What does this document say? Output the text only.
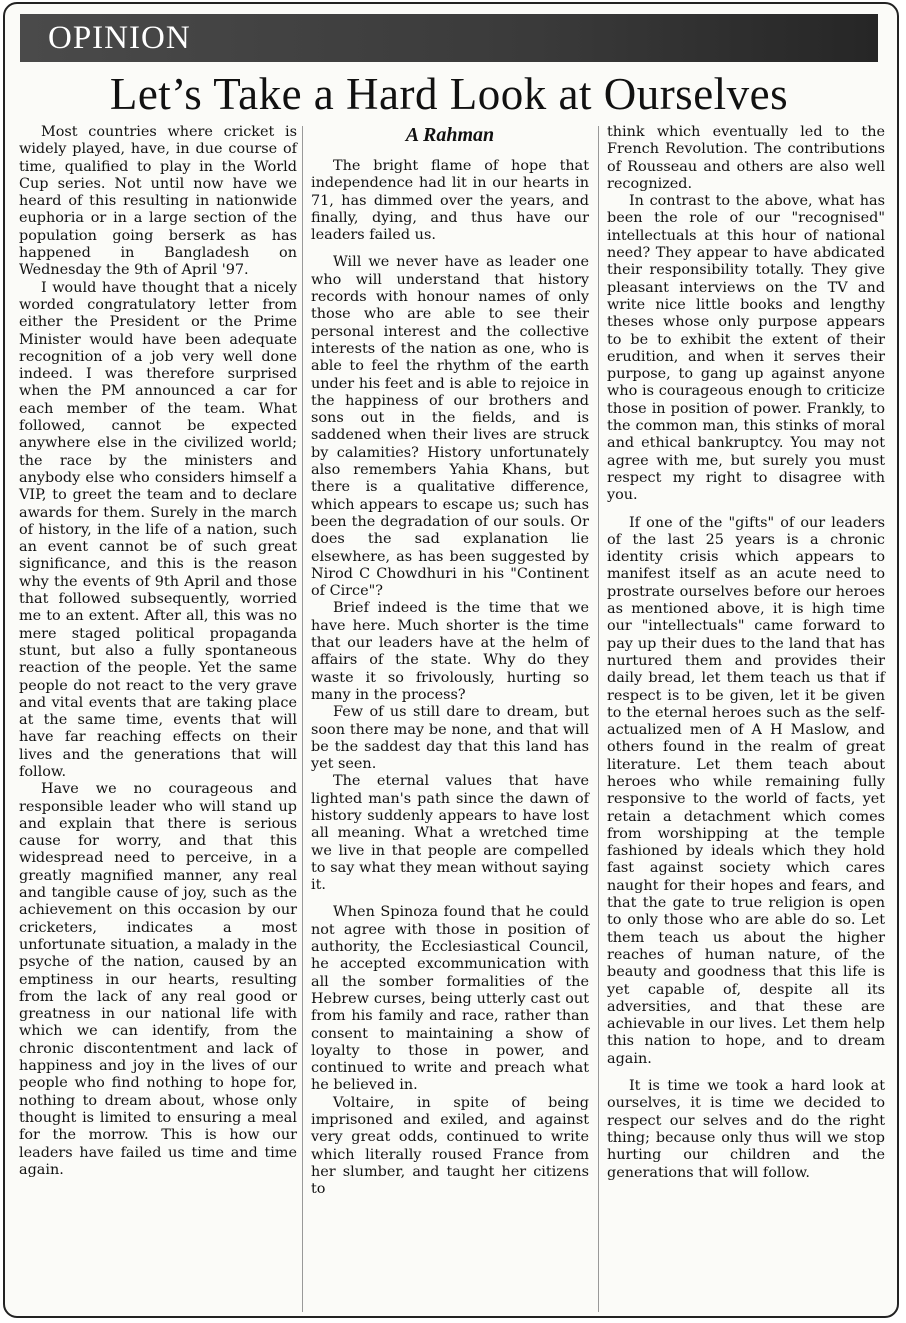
OPINION
Let’s Take a Hard Look at Ourselves

Most countries where cricket is widely played, have, in due course of time, qualified to play in the World Cup series. Not until now have we heard of this resulting in nationwide euphoria or in a large section of the population going berserk as has happened in Bangladesh on Wednesday the 9th of April '97.

I would have thought that a nicely worded congratulatory letter from either the President or the Prime Minister would have been adequate recognition of a job very well done indeed. I was therefore surprised when the PM announced a car for each member of the team. What followed, cannot be expected anywhere else in the civilized world; the race by the ministers and anybody else who considers himself a VIP, to greet the team and to declare awards for them. Surely in the march of history, in the life of a nation, such an event cannot be of such great significance, and this is the reason why the events of 9th April and those that followed subsequently, worried me to an extent. After all, this was no mere staged political propaganda stunt, but also a fully spontaneous reaction of the people. Yet the same people do not react to the very grave and vital events that are taking place at the same time, events that will have far reaching effects on their lives and the generations that will follow.

Have we no courageous and responsible leader who will stand up and explain that there is serious cause for worry, and that this widespread need to perceive, in a greatly magnified manner, any real and tangible cause of joy, such as the achievement on this occasion by our cricketers, indicates a most unfortunate situation, a malady in the psyche of the nation, caused by an emptiness in our hearts, resulting from the lack of any real good or greatness in our national life with which we can identify, from the chronic discontentment and lack of happiness and joy in the lives of our people who find nothing to hope for, nothing to dream about, whose only thought is limited to ensuring a meal for the morrow. This is how our leaders have failed us time and time again.

A Rahman

The bright flame of hope that independence had lit in our hearts in 71, has dimmed over the years, and finally, dying, and thus have our leaders failed us.

Will we never have as leader one who will understand that history records with honour names of only those who are able to see their personal interest and the collective interests of the nation as one, who is able to feel the rhythm of the earth under his feet and is able to rejoice in the happiness of our brothers and sons out in the fields, and is saddened when their lives are struck by calamities? History unfortunately also remembers Yahia Khans, but there is a qualitative difference, which appears to escape us; such has been the degradation of our souls. Or does the sad explanation lie elsewhere, as has been suggested by Nirod C Chowdhuri in his "Continent of Circe"?

Brief indeed is the time that we have here. Much shorter is the time that our leaders have at the helm of affairs of the state. Why do they waste it so frivolously, hurting so many in the process?

Few of us still dare to dream, but soon there may be none, and that will be the saddest day that this land has yet seen.

The eternal values that have lighted man's path since the dawn of history suddenly appears to have lost all meaning. What a wretched time we live in that people are compelled to say what they mean without saying it.

When Spinoza found that he could not agree with those in position of authority, the Ecclesiastical Council, he accepted excommunication with all the somber formalities of the Hebrew curses, being utterly cast out from his family and race, rather than consent to maintaining a show of loyalty to those in power, and continued to write and preach what he believed in.

Voltaire, in spite of being imprisoned and exiled, and against very great odds, continued to write which literally roused France from her slumber, and taught her citizens to

think which eventually led to the French Revolution. The contributions of Rousseau and others are also well recognized.

In contrast to the above, what has been the role of our "recognised" intellectuals at this hour of national need? They appear to have abdicated their responsibility totally. They give pleasant interviews on the TV and write nice little books and lengthy theses whose only purpose appears to be to exhibit the extent of their erudition, and when it serves their purpose, to gang up against anyone who is courageous enough to criticize those in position of power. Frankly, to the common man, this stinks of moral and ethical bankruptcy. You may not agree with me, but surely you must respect my right to disagree with you.

If one of the "gifts" of our leaders of the last 25 years is a chronic identity crisis which appears to manifest itself as an acute need to prostrate ourselves before our heroes as mentioned above, it is high time our "intellectuals" came forward to pay up their dues to the land that has nurtured them and provides their daily bread, let them teach us that if respect is to be given, let it be given to the eternal heroes such as the self-actualized men of A H Maslow, and others found in the realm of great literature. Let them teach about heroes who while remaining fully responsive to the world of facts, yet retain a detachment which comes from worshipping at the temple fashioned by ideals which they hold fast against society which cares naught for their hopes and fears, and that the gate to true religion is open to only those who are able do so. Let them teach us about the higher reaches of human nature, of the beauty and goodness that this life is yet capable of, despite all its adversities, and that these are achievable in our lives. Let them help this nation to hope, and to dream again.

It is time we took a hard look at ourselves, it is time we decided to respect our selves and do the right thing; because only thus will we stop hurting our children and the generations that will follow.
